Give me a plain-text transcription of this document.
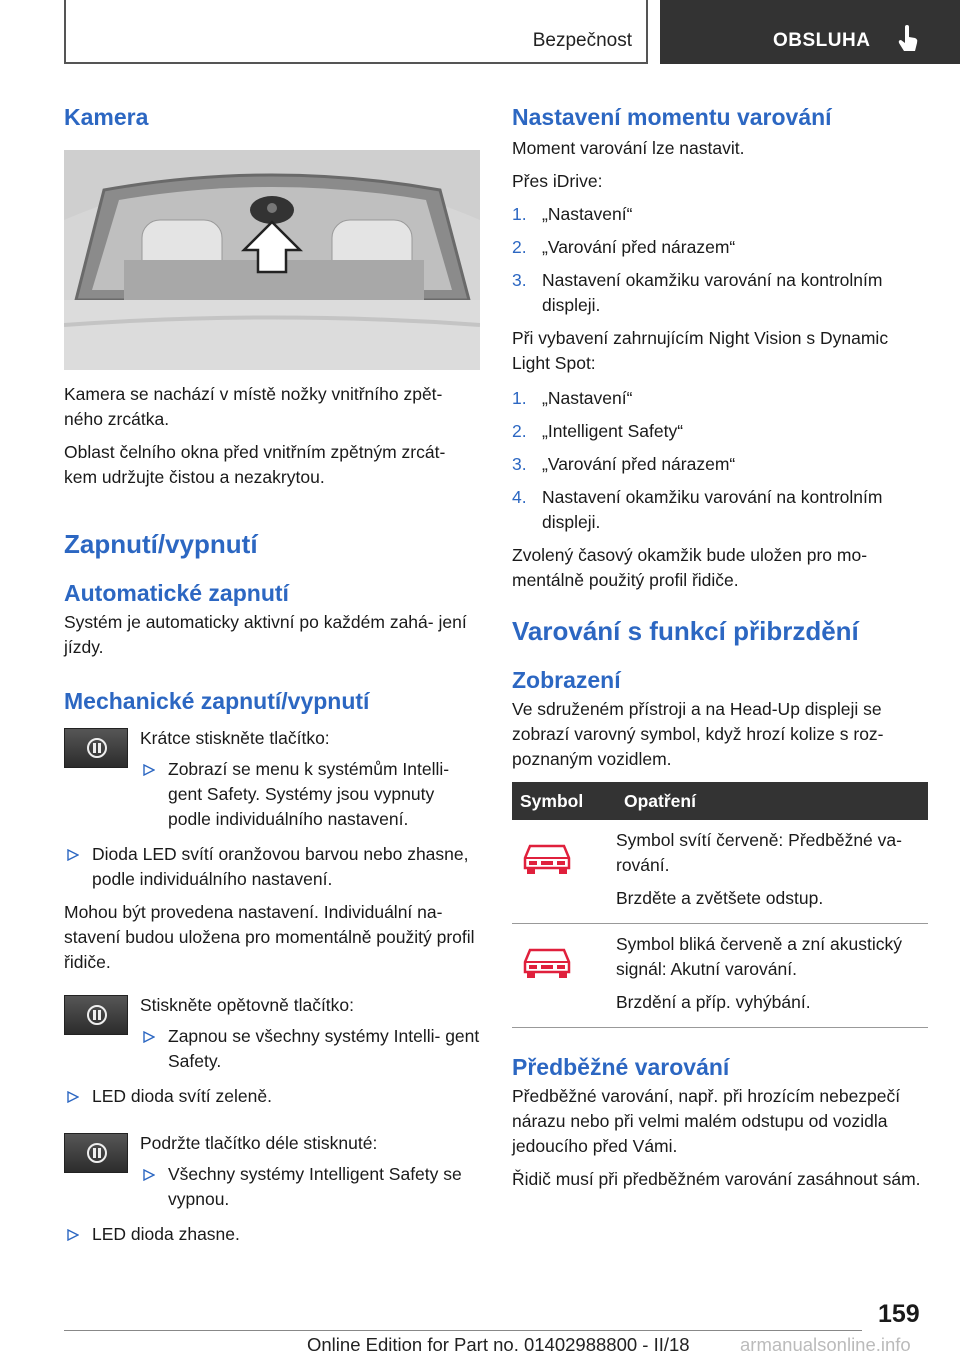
Bezpečnost	OBSLUHA
Kamera

Kamera se nachází v místě nožky vnitřního zpět‐ ného zrcátka.

Oblast čelního okna před vnitřním zpětným zrcát‐ kem udržujte čistou a nezakrytou.

Zapnutí/vypnutí
Automatické zapnutí

Systém je automaticky aktivní po každém zahá‐ jení jízdy.

Mechanické zapnutí/vypnutí

Krátce stiskněte tlačítko:

Zobrazí se menu k systémům Intelli‐ gent Safety. Systémy jsou vypnuty podle individuálního nastavení.
Dioda LED svítí oranžovou barvou nebo zhasne, podle individuálního nastavení.

Mohou být provedena nastavení. Individuální na‐ stavení budou uložena pro momentálně použitý profil řidiče.

Stiskněte opětovně tlačítko:

Zapnou se všechny systémy Intelli‐ gent Safety.
LED dioda svítí zeleně.

Podržte tlačítko déle stisknuté:

Všechny systémy Intelligent Safety se vypnou.
LED dioda zhasne.
Nastavení momentu varování

Moment varování lze nastavit.

Přes iDrive:

1. „Nastavení“
2. „Varování před nárazem“
3. Nastavení okamžiku varování na kontrolním displeji.

Při vybavení zahrnujícím Night Vision s Dynamic Light Spot:

1. „Nastavení“
2. „Intelligent Safety“
3. „Varování před nárazem“
4. Nastavení okamžiku varování na kontrolním displeji.

Zvolený časový okamžik bude uložen pro mo‐ mentálně použitý profil řidiče.

Varování s funkcí přibrzdění
Zobrazení

Ve sdruženém přístroji a na Head-Up displeji se zobrazí varovný symbol, když hrozí kolize s roz‐ poznaným vozidlem.

Symbol	Opatření

Symbol svítí červeně: Předběžné va‐ rování.
Brzděte a zvětšete odstup.

Symbol bliká červeně a zní akustický signál: Akutní varování.
Brzdění a příp. vyhýbání.
Předběžné varování

Předběžné varování, např. při hrozícím nebezpečí nárazu nebo při velmi malém odstupu od vozidla jedoucího před Vámi.

Řidič musí při předběžném varování zasáhnout sám.

159
Online Edition for Part no. 01402988800 - II/18	armanualsonline.info
